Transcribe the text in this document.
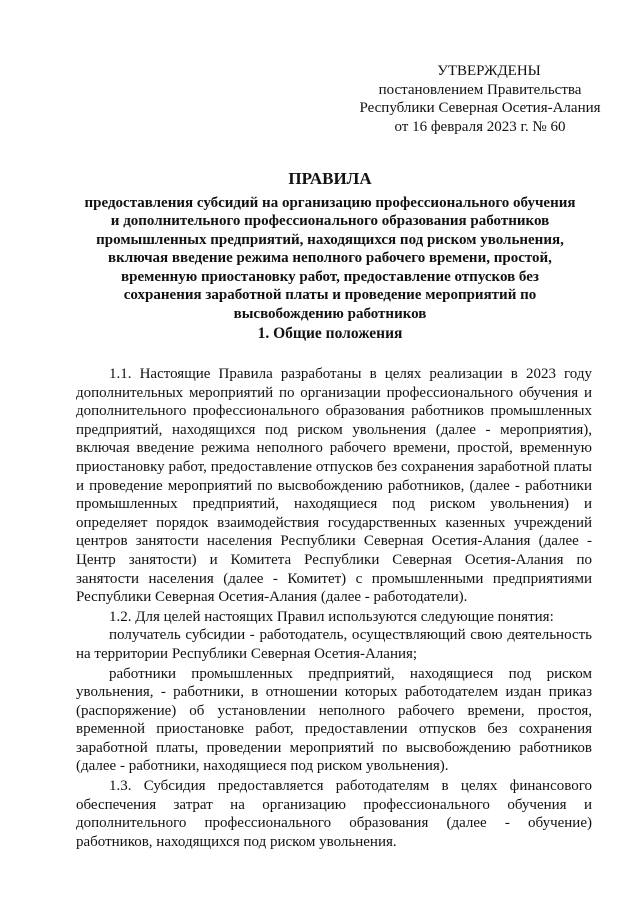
УТВЕРЖДЕНЫ
постановлением Правительства
Республики Северная Осетия-Алания
от 16 февраля 2023 г. № 60
ПРАВИЛА
предоставления субсидий на организацию профессионального обучения
и дополнительного профессионального образования работников
промышленных предприятий, находящихся под риском увольнения,
включая введение режима неполного рабочего времени, простой,
временную приостановку работ, предоставление отпусков без
сохранения заработной платы и проведение мероприятий по
высвобождению работников
1. Общие положения

1.1. Настоящие Правила разработаны в целях реализации в 2023 году дополнительных мероприятий по организации профессионального обучения и дополнительного профессионального образования работников промышленных предприятий, находящихся под риском увольнения (далее - мероприятия), включая введение режима неполного рабочего времени, простой, временную приостановку работ, предоставление отпусков без сохранения заработной платы и проведение мероприятий по высвобождению работников, (далее - работники промышленных предприятий, находящиеся под риском увольнения) и определяет порядок взаимодействия государственных казенных учреждений центров занятости населения Республики Северная Осетия-Алания (далее - Центр занятости) и Комитета Республики Северная Осетия-Алания по занятости населения (далее - Комитет) с промышленными предприятиями Республики Северная Осетия-Алания (далее - работодатели).

1.2. Для целей настоящих Правил используются следующие понятия:

получатель субсидии - работодатель, осуществляющий свою деятельность на территории Республики Северная Осетия-Алания;

работники промышленных предприятий, находящиеся под риском увольнения, - работники, в отношении которых работодателем издан приказ (распоряжение) об установлении неполного рабочего времени, простоя, временной приостановке работ, предоставлении отпусков без сохранения заработной платы, проведении мероприятий по высвобождению работников (далее - работники, находящиеся под риском увольнения).

1.3. Субсидия предоставляется работодателям в целях финансового обеспечения затрат на организацию профессионального обучения и дополнительного профессионального образования (далее - обучение) работников, находящихся под риском увольнения.
